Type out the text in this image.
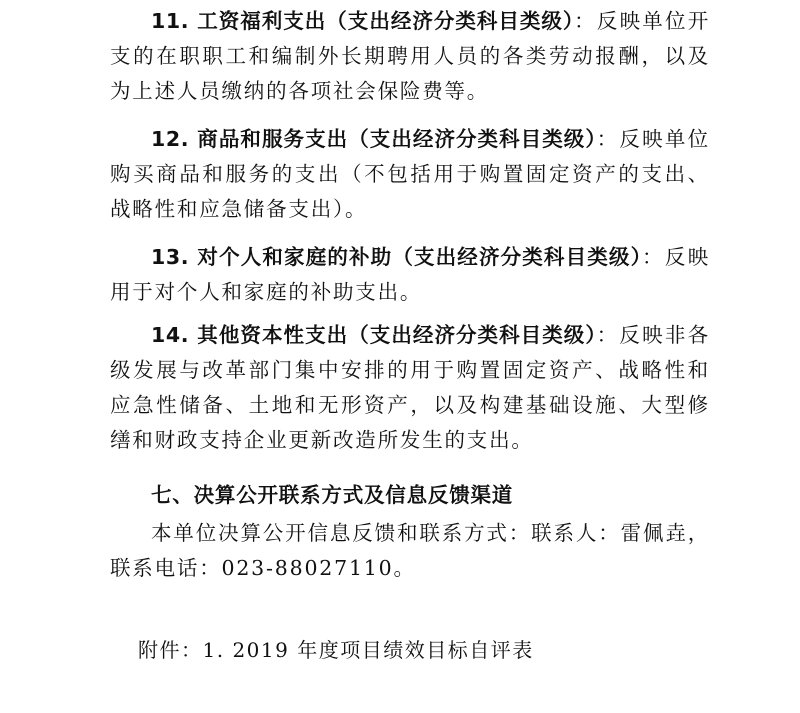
11. 工资福利支出（支出经济分类科目类级）：反映单位开支的在职职工和编制外长期聘用人员的各类劳动报酬，以及为上述人员缴纳的各项社会保险费等。

12. 商品和服务支出（支出经济分类科目类级）：反映单位购买商品和服务的支出（不包括用于购置固定资产的支出、战略性和应急储备支出）。

13. 对个人和家庭的补助（支出经济分类科目类级）：反映用于对个人和家庭的补助支出。

14. 其他资本性支出（支出经济分类科目类级）：反映非各级发展与改革部门集中安排的用于购置固定资产、战略性和应急性储备、土地和无形资产，以及构建基础设施、大型修缮和财政支持企业更新改造所发生的支出。

七、决算公开联系方式及信息反馈渠道

本单位决算公开信息反馈和联系方式：联系人：雷佩垚，联系电话：023-88027110。

附件：1. 2019 年度项目绩效目标自评表
